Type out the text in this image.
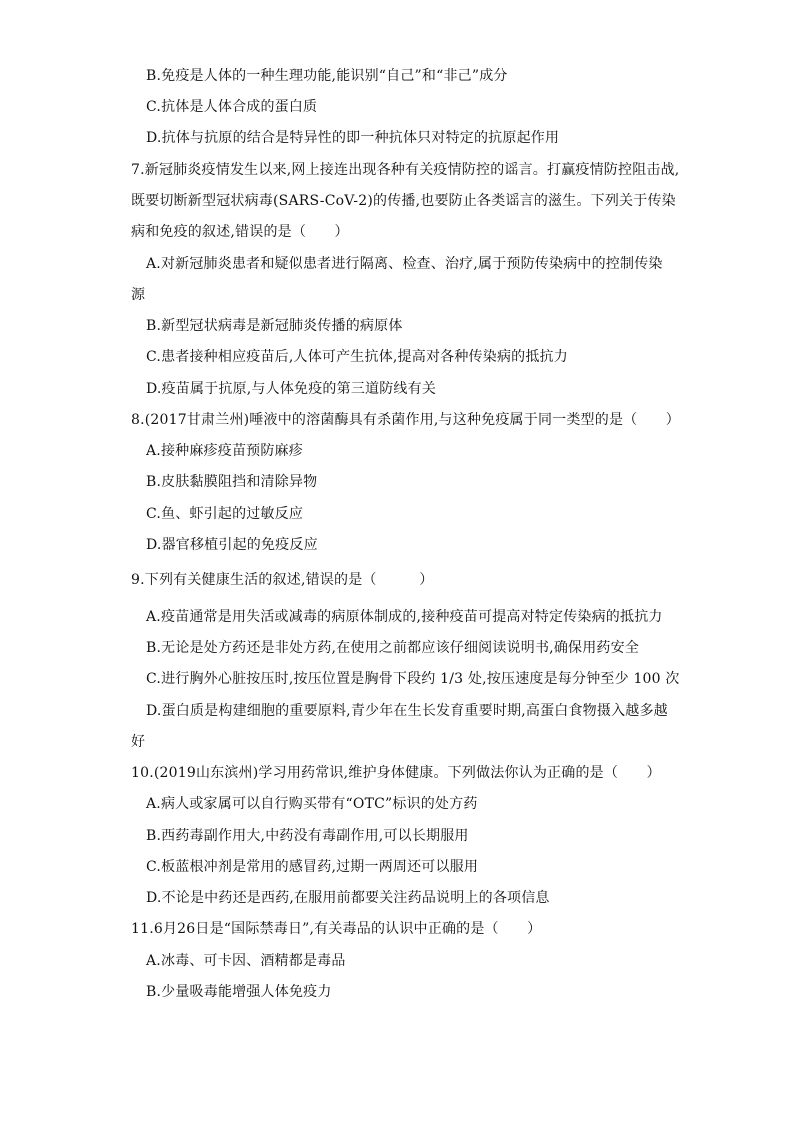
B.免疫是人体的一种生理功能,能识别“自己”和“非己”成分
C.抗体是人体合成的蛋白质
D.抗体与抗原的结合是特异性的即一种抗体只对特定的抗原起作用
7.新冠肺炎疫情发生以来,网上接连出现各种有关疫情防控的谣言。打赢疫情防控阻击战,
既要切断新型冠状病毒(SARS-CoV-2)的传播,也要防止各类谣言的滋生。下列关于传染
病和免疫的叙述,错误的是（　　）
A.对新冠肺炎患者和疑似患者进行隔离、检查、治疗,属于预防传染病中的控制传染
源
B.新型冠状病毒是新冠肺炎传播的病原体
C.患者接种相应疫苗后,人体可产生抗体,提高对各种传染病的抵抗力
D.疫苗属于抗原,与人体免疫的第三道防线有关
8.(2017甘肃兰州)唾液中的溶菌酶具有杀菌作用,与这种免疫属于同一类型的是（　　）
A.接种麻疹疫苗预防麻疹
B.皮肤黏膜阻挡和清除异物
C.鱼、虾引起的过敏反应
D.器官移植引起的免疫反应
9.下列有关健康生活的叙述,错误的是（　　　）
A.疫苗通常是用失活或减毒的病原体制成的,接种疫苗可提高对特定传染病的抵抗力
B.无论是处方药还是非处方药,在使用之前都应该仔细阅读说明书,确保用药安全
C.进行胸外心脏按压时,按压位置是胸骨下段约 1/3 处,按压速度是每分钟至少 100 次
D.蛋白质是构建细胞的重要原料,青少年在生长发育重要时期,高蛋白食物摄入越多越
好
10.(2019山东滨州)学习用药常识,维护身体健康。下列做法你认为正确的是（　　）
A.病人或家属可以自行购买带有“OTC”标识的处方药
B.西药毒副作用大,中药没有毒副作用,可以长期服用
C.板蓝根冲剂是常用的感冒药,过期一两周还可以服用
D.不论是中药还是西药,在服用前都要关注药品说明上的各项信息
11.6月26日是“国际禁毒日”,有关毒品的认识中正确的是（　　）
A.冰毒、可卡因、酒精都是毒品
B.少量吸毒能增强人体免疫力
